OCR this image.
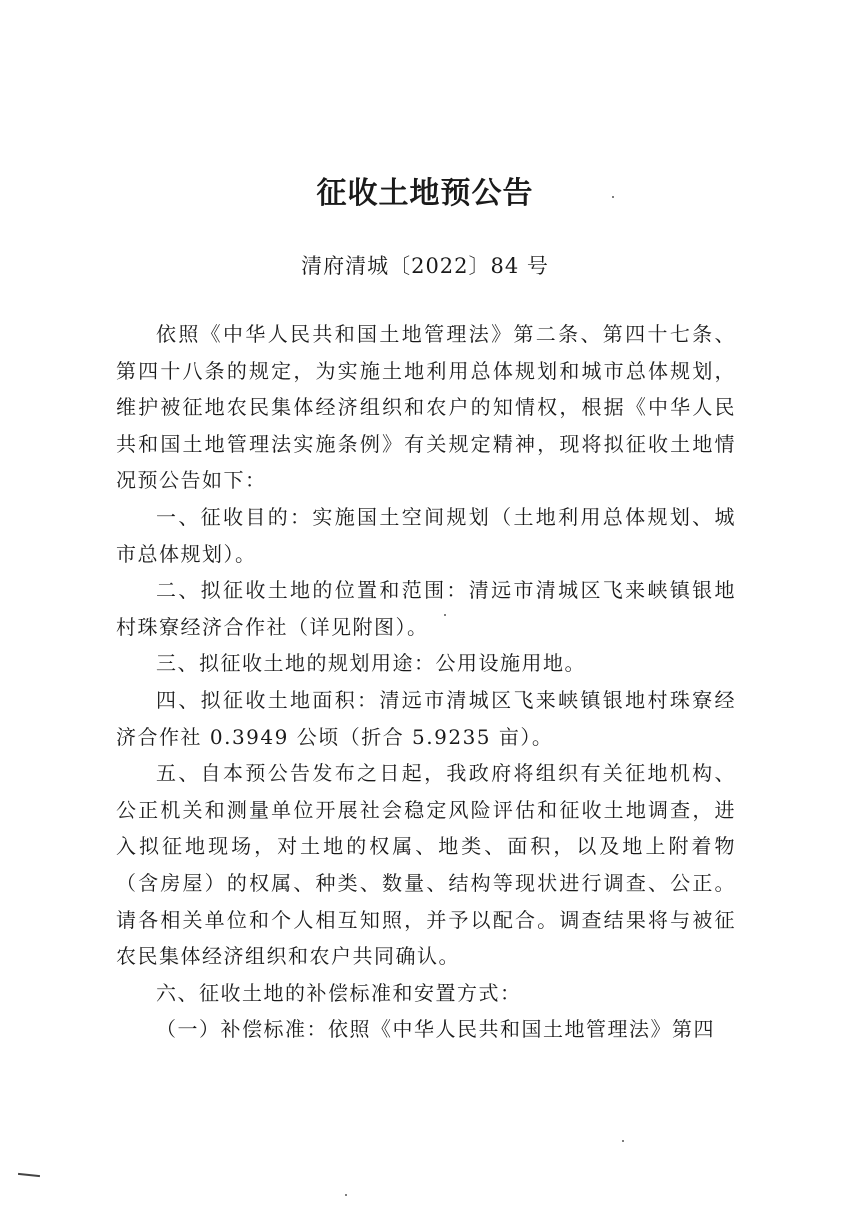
征收土地预公告
清府清城〔2022〕84 号

依照《中华人民共和国土地管理法》第二条、第四十七条、第四十八条的规定，为实施土地利用总体规划和城市总体规划，维护被征地农民集体经济组织和农户的知情权，根据《中华人民共和国土地管理法实施条例》有关规定精神，现将拟征收土地情况预公告如下：

一、征收目的：实施国土空间规划（土地利用总体规划、城市总体规划）。

二、拟征收土地的位置和范围：清远市清城区飞来峡镇银地村珠寮经济合作社（详见附图）。

三、拟征收土地的规划用途：公用设施用地。

四、拟征收土地面积：清远市清城区飞来峡镇银地村珠寮经济合作社 0.3949 公顷（折合 5.9235 亩）。

五、自本预公告发布之日起，我政府将组织有关征地机构、公正机关和测量单位开展社会稳定风险评估和征收土地调查，进入拟征地现场，对土地的权属、地类、面积，以及地上附着物（含房屋）的权属、种类、数量、结构等现状进行调查、公正。请各相关单位和个人相互知照，并予以配合。调查结果将与被征农民集体经济组织和农户共同确认。

六、征收土地的补偿标准和安置方式：

（一）补偿标准：依照《中华人民共和国土地管理法》第四
